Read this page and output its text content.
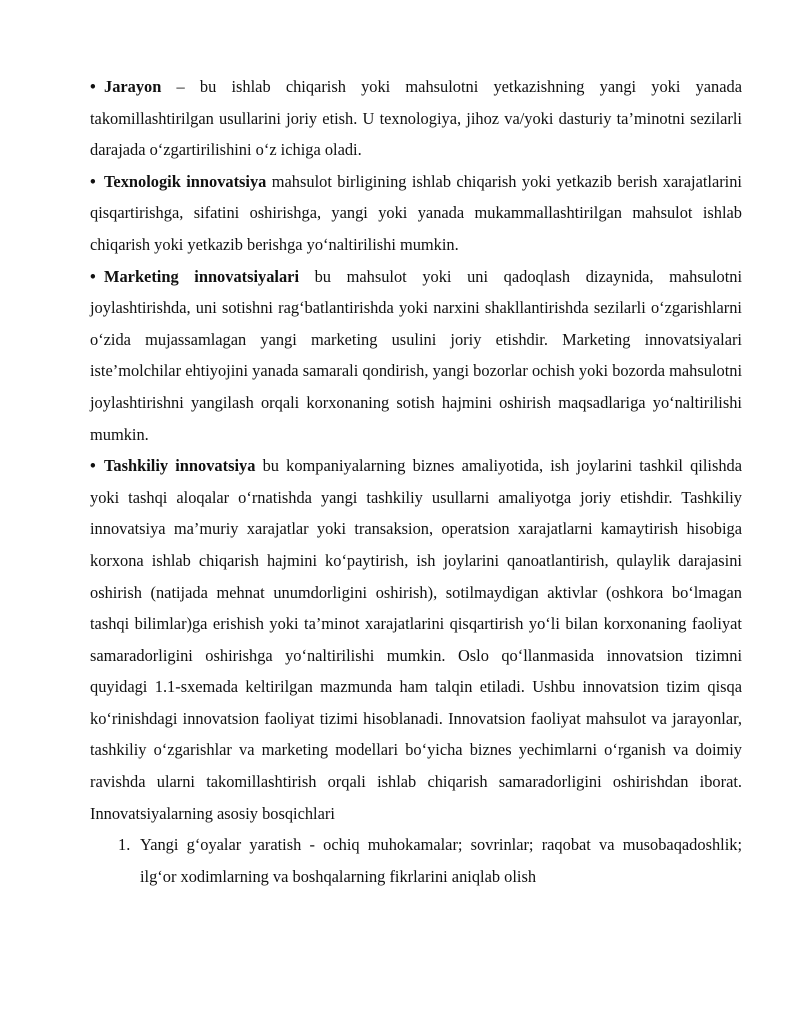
• Jarayon – bu ishlab chiqarish yoki mahsulotni yetkazishning yangi yoki yanada takomillashtirilgan usullarini joriy etish. U texnologiya, jihoz va/yoki dasturiy ta’minotni sezilarli darajada o‘zgartirilishini o‘z ichiga oladi.

• Texnologik innovatsiya mahsulot birligining ishlab chiqarish yoki yetkazib berish xarajatlarini qisqartirishga, sifatini oshirishga, yangi yoki yanada mukammallashtirilgan mahsulot ishlab chiqarish yoki yetkazib berishga yo‘naltirilishi mumkin.

• Marketing innovatsiyalari bu mahsulot yoki uni qadoqlash dizaynida, mahsulotni joylashtirishda, uni sotishni rag‘batlantirishda yoki narxini shakllantirishda sezilarli o‘zgarishlarni o‘zida mujassamlagan yangi marketing usulini joriy etishdir. Marketing innovatsiyalari iste’molchilar ehtiyojini yanada samarali qondirish, yangi bozorlar ochish yoki bozorda mahsulotni joylashtirishni yangilash orqali korxonaning sotish hajmini oshirish maqsadlariga yo‘naltirilishi mumkin.

• Tashkiliy innovatsiya bu kompaniyalarning biznes amaliyotida, ish joylarini tashkil qilishda yoki tashqi aloqalar o‘rnatishda yangi tashkiliy usullarni amaliyotga joriy etishdir. Tashkiliy innovatsiya ma’muriy xarajatlar yoki transaksion, operatsion xarajatlarni kamaytirish hisobiga korxona ishlab chiqarish hajmini ko‘paytirish, ish joylarini qanoatlantirish, qulaylik darajasini oshirish (natijada mehnat unumdorligini oshirish), sotilmaydigan aktivlar (oshkora bo‘lmagan tashqi bilimlar)ga erishish yoki ta’minot xarajatlarini qisqartirish yo‘li bilan korxonaning faoliyat samaradorligini oshirishga yo‘naltirilishi mumkin. Oslo qo‘llanmasida innovatsion tizimni quyidagi 1.1-sxemada keltirilgan mazmunda ham talqin etiladi. Ushbu innovatsion tizim qisqa ko‘rinishdagi innovatsion faoliyat tizimi hisoblanadi. Innovatsion faoliyat mahsulot va jarayonlar, tashkiliy o‘zgarishlar va marketing modellari bo‘yicha biznes yechimlarni o‘rganish va doimiy ravishda ularni takomillashtirish orqali ishlab chiqarish samaradorligini oshirishdan iborat. Innovatsiyalarning asosiy bosqichlari

1. Yangi g‘oyalar yaratish - ochiq muhokamalar; sovrinlar; raqobat va musobaqadoshlik; ilg‘or xodimlarning va boshqalarning fikrlarini aniqlab olish
